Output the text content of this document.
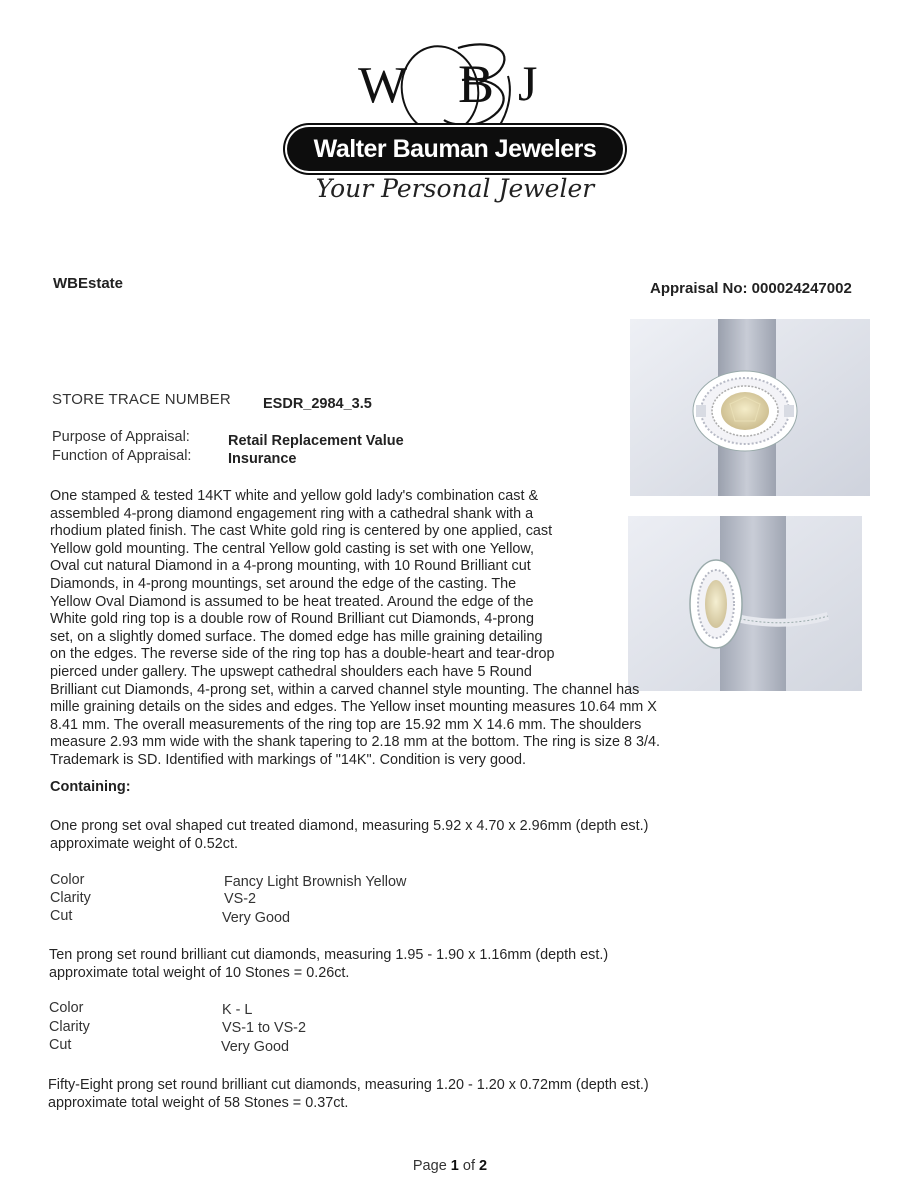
W B J
Walter Bauman Jewelers
Your Personal Jeweler
WBEstate	Appraisal No: 000024247002
STORE TRACE NUMBER ESDR_2984_3.5
Purpose of Appraisal:	Retail Replacement Value
Function of Appraisal:	Insurance
One stamped & tested 14KT white and yellow gold lady's combination cast &
assembled 4-prong diamond engagement ring with a cathedral shank with a
rhodium plated finish. The cast White gold ring is centered by one applied, cast
Yellow gold mounting. The central Yellow gold casting is set with one Yellow,
Oval cut natural Diamond in a 4-prong mounting, with 10 Round Brilliant cut
Diamonds, in 4-prong mountings, set around the edge of the casting. The
Yellow Oval Diamond is assumed to be heat treated. Around the edge of the
White gold ring top is a double row of Round Brilliant cut Diamonds, 4-prong
set, on a slightly domed surface. The domed edge has mille graining detailing
on the edges. The reverse side of the ring top has a double-heart and tear-drop
pierced under gallery. The upswept cathedral shoulders each have 5 Round
Brilliant cut Diamonds, 4-prong set, within a carved channel style mounting. The channel has
mille graining details on the sides and edges. The Yellow inset mounting measures 10.64 mm X
8.41 mm. The overall measurements of the ring top are 15.92 mm X 14.6 mm. The shoulders
measure 2.93 mm wide with the shank tapering to 2.18 mm at the bottom. The ring is size 8 3/4.
Trademark is SD. Identified with markings of "14K". Condition is very good.
Containing:
One prong set oval shaped cut treated diamond, measuring 5.92 x 4.70 x 2.96mm (depth est.)
approximate weight of 0.52ct.
Color	Fancy Light Brownish Yellow
Clarity	VS-2
Cut	Very Good
Ten prong set round brilliant cut diamonds, measuring 1.95 - 1.90 x 1.16mm (depth est.)
approximate total weight of 10 Stones = 0.26ct.
Color	K - L
Clarity	VS-1 to VS-2
Cut	Very Good
Fifty-Eight prong set round brilliant cut diamonds, measuring 1.20 - 1.20 x 0.72mm (depth est.)
approximate total weight of 58 Stones = 0.37ct.
Page 1 of 2
